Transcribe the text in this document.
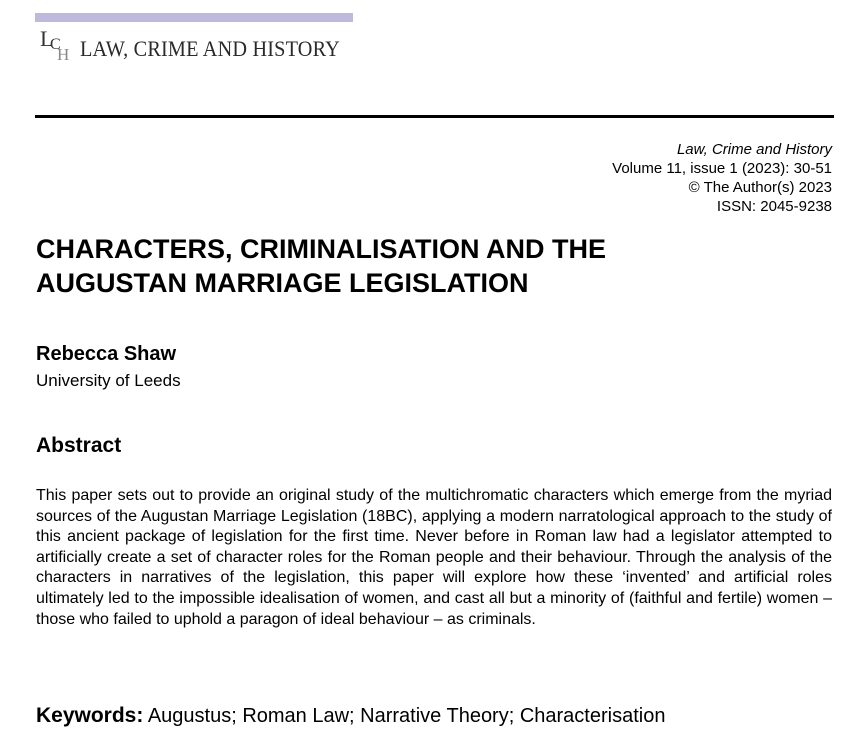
L
C
H LAW, CRIME AND HISTORY
Law, Crime and History
Volume 11, issue 1 (2023): 30-51
© The Author(s) 2023
ISSN: 2045-9238
CHARACTERS, CRIMINALISATION AND THE AUGUSTAN MARRIAGE LEGISLATION
Rebecca Shaw
University of Leeds
Abstract

This paper sets out to provide an original study of the multichromatic characters which emerge from the myriad sources of the Augustan Marriage Legislation (18BC), applying a modern narratological approach to the study of this ancient package of legislation for the first time. Never before in Roman law had a legislator attempted to artificially create a set of character roles for the Roman people and their behaviour. Through the analysis of the characters in narratives of the legislation, this paper will explore how these ‘invented’ and artificial roles ultimately led to the impossible idealisation of women, and cast all but a minority of (faithful and fertile) women – those who failed to uphold a paragon of ideal behaviour – as criminals.

Keywords: Augustus; Roman Law; Narrative Theory; Characterisation
